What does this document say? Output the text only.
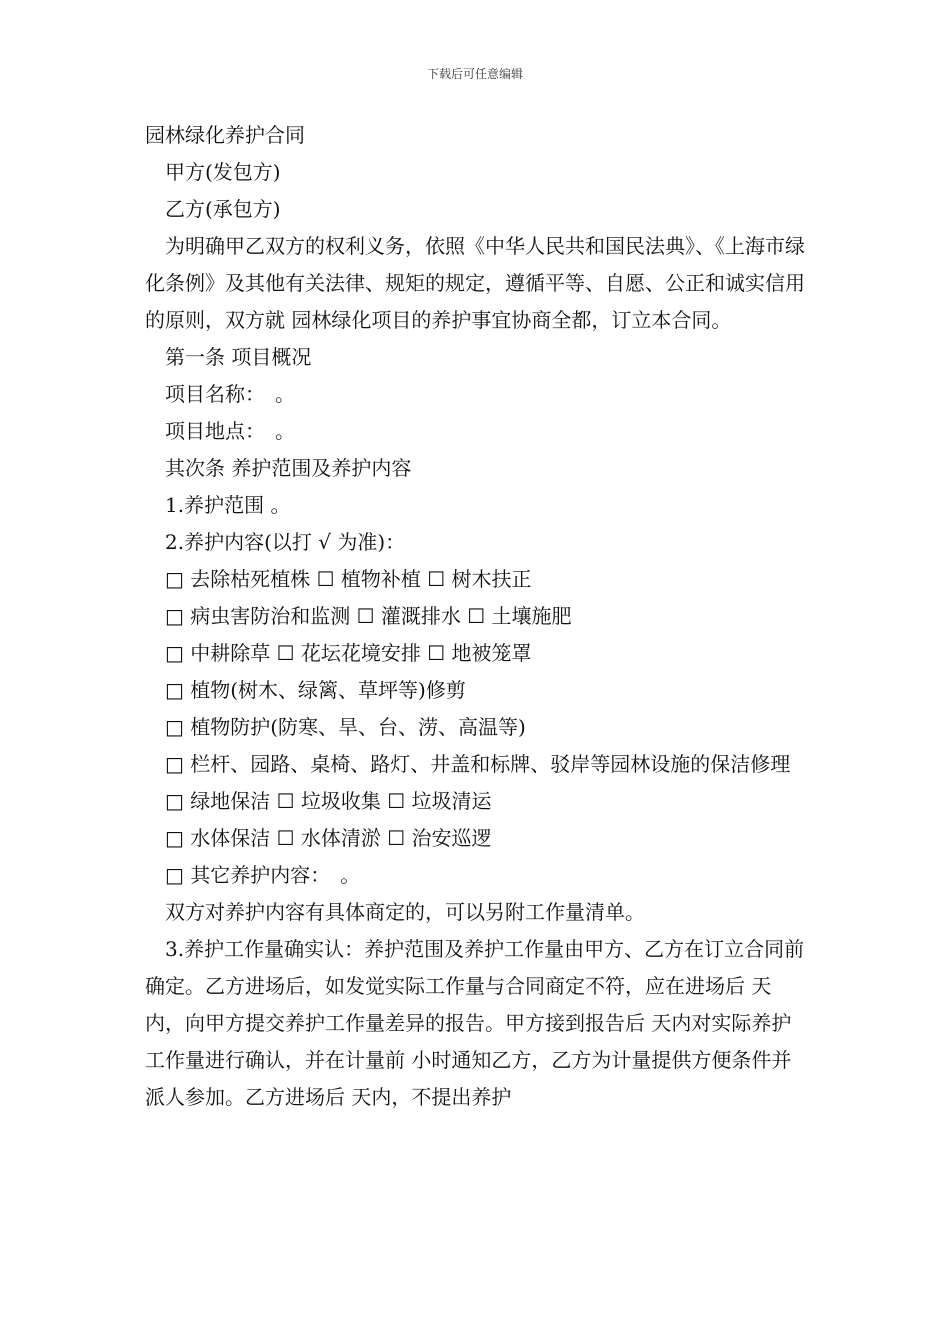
下载后可任意编辑

园林绿化养护合同

甲方(发包方)

乙方(承包方)

为明确甲乙双方的权利义务，依照《中华人民共和国民法典》、《上海市绿化条例》及其他有关法律、规矩的规定，遵循平等、自愿、公正和诚实信用的原则，双方就 园林绿化项目的养护事宜协商全都，订立本合同。

第一条 项目概况

项目名称：　。

项目地点：　。

其次条 养护范围及养护内容

1.养护范围 。

2.养护内容(以打 √ 为准)：

□ 去除枯死植株 ☐ 植物补植 ☐ 树木扶正

□ 病虫害防治和监测 ☐ 灌溉排水 ☐ 土壤施肥

□ 中耕除草 ☐ 花坛花境安排 ☐ 地被笼罩

□ 植物(树木、绿篱、草坪等)修剪

□ 植物防护(防寒、旱、台、涝、高温等)

□ 栏杆、园路、桌椅、路灯、井盖和标牌、驳岸等园林设施的保洁修理

□ 绿地保洁 ☐ 垃圾收集 ☐ 垃圾清运

□ 水体保洁 ☐ 水体清淤 ☐ 治安巡逻

□ 其它养护内容：　。

双方对养护内容有具体商定的，可以另附工作量清单。

3.养护工作量确实认：养护范围及养护工作量由甲方、乙方在订立合同前确定。乙方进场后，如发觉实际工作量与合同商定不符，应在进场后 天内，向甲方提交养护工作量差异的报告。甲方接到报告后 天内对实际养护工作量进行确认，并在计量前 小时通知乙方，乙方为计量提供方便条件并派人参加。乙方进场后 天内，不提出养护
